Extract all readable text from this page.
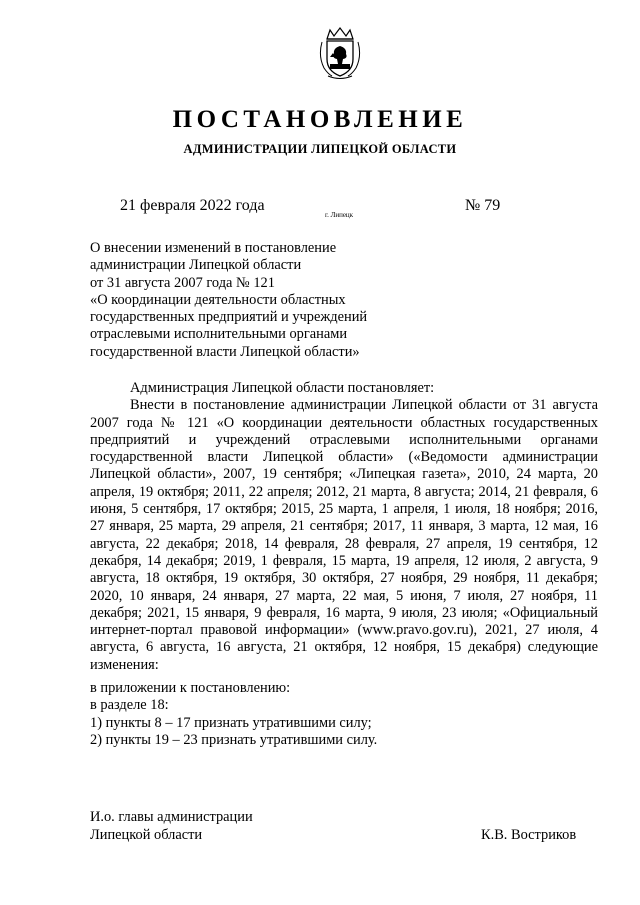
ПОСТАНОВЛЕНИЕ
АДМИНИСТРАЦИИ ЛИПЕЦКОЙ ОБЛАСТИ
21 февраля 2022 года
г. Липецк
№ 79
О внесении изменений в постановление
администрации Липецкой области
от 31 августа 2007 года № 121
«О координации деятельности областных
государственных предприятий и учреждений
отраслевыми исполнительными органами
государственной власти Липецкой области»

Администрация Липецкой области постановляет:

Внести в постановление администрации Липецкой области от 31 августа 2007 года № 121 «О координации деятельности областных государственных предприятий и учреждений отраслевыми исполнительными органами государственной власти Липецкой области» («Ведомости администрации Липецкой области», 2007, 19 сентября; «Липецкая газета», 2010, 24 марта, 20 апреля, 19 октября; 2011, 22 апреля; 2012, 21 марта, 8 августа; 2014, 21 февраля, 6 июня, 5 сентября, 17 октября; 2015, 25 марта, 1 апреля, 1 июля, 18 ноября; 2016, 27 января, 25 марта, 29 апреля, 21 сентября; 2017, 11 января, 3 марта, 12 мая, 16 августа, 22 декабря; 2018, 14 февраля, 28 февраля, 27 апреля, 19 сентября, 12 декабря, 14 декабря; 2019, 1 февраля, 15 марта, 19 апреля, 12 июля, 2 августа, 9 августа, 18 октября, 19 октября, 30 октября, 27 ноября, 29 ноября, 11 декабря; 2020, 10 января, 24 января, 27 марта, 22 мая, 5 июня, 7 июля, 27 ноября, 11 декабря; 2021, 15 января, 9 февраля, 16 марта, 9 июля, 23 июля; «Официальный интернет-портал правовой информации» (www.pravo.gov.ru), 2021, 27 июля, 4 августа, 6 августа, 16 августа, 21 октября, 12 ноября, 15 декабря) следующие изменения:

в приложении к постановлению:
в разделе 18:
1) пункты 8 – 17 признать утратившими силу;
2) пункты 19 – 23 признать утратившими силу.

И.о. главы администрации
Липецкой области	К.В. Востриков
